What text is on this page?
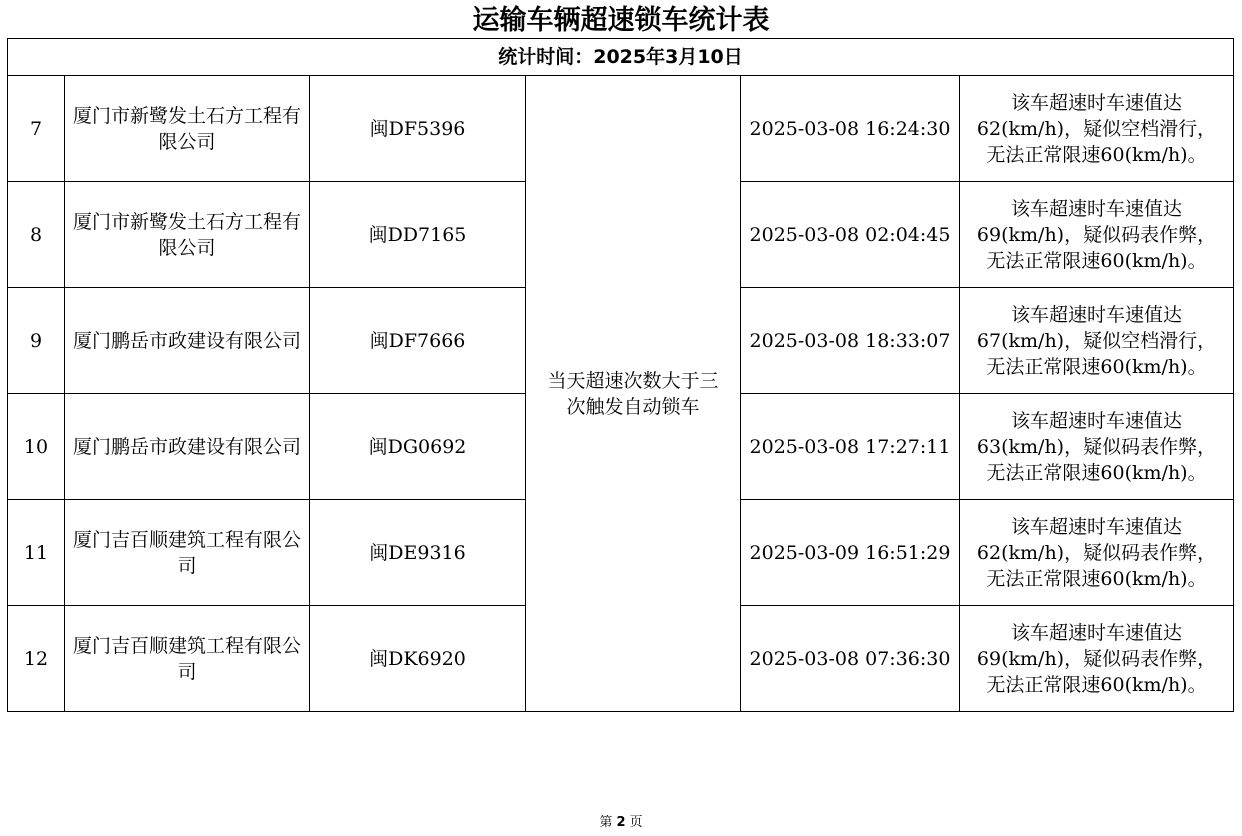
运输车辆超速锁车统计表
统计时间：2025年3月10日					
7	厦门市新鹭发土石方工程有限公司	闽DF5396	当天超速次数大于三次触发自动锁车	2025-03-08 16:24:30	该车超速时车速值达
62(km/h)，疑似空档滑行，
无法正常限速60(km/h)。

8	厦门市新鹭发土石方工程有限公司	闽DD7165		2025-03-08 02:04:45	该车超速时车速值达
69(km/h)，疑似码表作弊，
无法正常限速60(km/h)。

9	厦门鹏岳市政建设有限公司	闽DF7666		2025-03-08 18:33:07	该车超速时车速值达
67(km/h)，疑似空档滑行，
无法正常限速60(km/h)。

10	厦门鹏岳市政建设有限公司	闽DG0692		2025-03-08 17:27:11	该车超速时车速值达
63(km/h)，疑似码表作弊，
无法正常限速60(km/h)。

11	厦门吉百顺建筑工程有限公司	闽DE9316		2025-03-09 16:51:29	该车超速时车速值达
62(km/h)，疑似码表作弊，
无法正常限速60(km/h)。

12	厦门吉百顺建筑工程有限公司	闽DK6920		2025-03-08 07:36:30	该车超速时车速值达
69(km/h)，疑似码表作弊，
无法正常限速60(km/h)。
第 2 页
